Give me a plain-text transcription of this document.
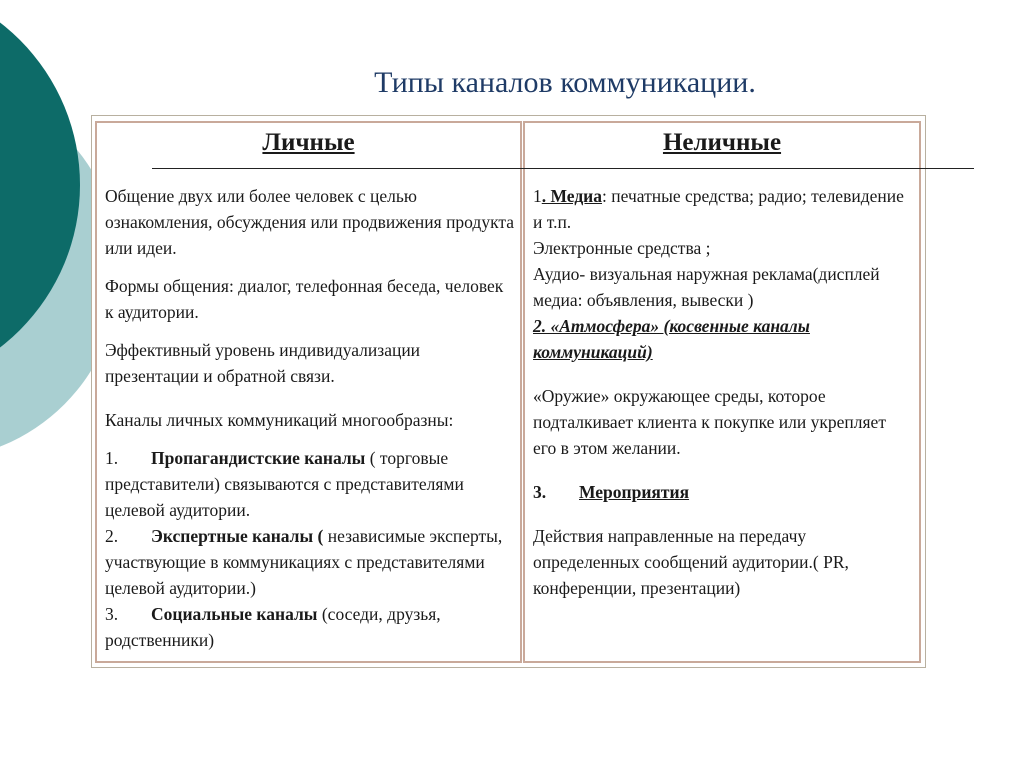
Типы каналов коммуникации.
Личные

Общение двух или более человек с целью ознакомления, обсуждения или продвижения продукта или идеи.

Формы общения: диалог, телефонная беседа, человек к аудитории.

Эффективный уровень индивидуализации презентации и обратной связи.

Каналы личных коммуникаций многообразны:

1. Пропагандистские каналы ( торговые представители) связываются с представителями целевой аудитории.

2. Экспертные каналы ( независимые эксперты, участвующие в коммуникациях с представителями целевой аудитории.)

3. Социальные каналы (соседи, друзья, родственники)

Неличные

1. Медиа: печатные средства; радио; телевидение и т.п.

Электронные средства ;

Аудио- визуальная наружная реклама(дисплей медиа: объявления, вывески )

2. «Атмосфера» (косвенные каналы коммуникаций)

«Оружие» окружающее среды, которое подталкивает клиента к покупке или укрепляет его в этом желании.

3. Мероприятия

Действия направленные на передачу определенных сообщений аудитории.( PR, конференции, презентации)
